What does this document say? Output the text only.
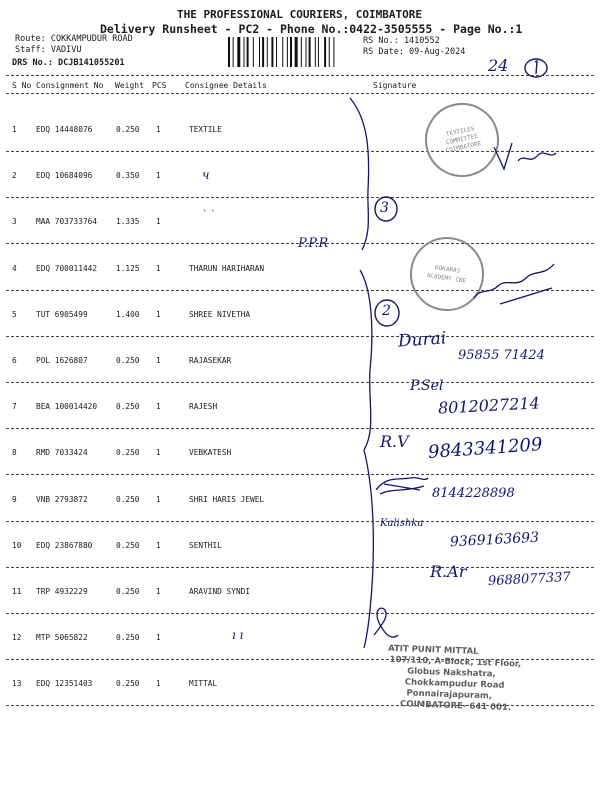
THE PROFESSIONAL COURIERS, COIMBATORE
Delivery Runsheet - PC2 - Phone No.:0422-3505555 - Page No.:1
Route: COKKAMPUDUR ROAD
Staff: VADIVU
DRS No.: DCJB141055201
RS No.: 1410552
RS Date: 09-Aug-2024
24
S No Consignment No Weight PCS Consignee Details	Signature
1 EDQ 14448076	0.250 1	TEXTILE
2 EDQ 10684096	0.350 1
3 MAA 703733764 1.335 1
4 EDQ 700011442 1.125 1	THARUN HARIHARAN
5 TUT 6905499	1.400 1	SHREE NIVETHA
6 POL 1626807	0.250 1	RAJASEKAR
7 BEA 100014420 0.250 1	RAJESH
8 RMD 7033424	0.250 1	VEBKATESH
9 VNB 2793872	0.250 1	SHRI HARIS JEWEL
10 EDQ 23867880	0.250 1	SENTHIL
11 TRP 4932229	0.250 1	ARAVIND SYNDI
12 MTP 5065822	0.250 1
13 EDQ 12351403	0.250 1	MITTAL
3
2
P.P.R
ч
` `
ı ı
TEXTILES COMMITTEE COIMBATORE
KOKARAS ACADEMY CBE
Durai
95855 71424
P.Sel
8012027214
R.V 9843341209
8144228898
Kalishka
9369163693
R.Ar 9688077337
ATIT PUNIT MITTAL
107/110, A-Block, 1st Floor,
Globus Nakshatra,
Chokkampudur Road
Ponnairajapuram,
COIMBATORE- 641 001.
